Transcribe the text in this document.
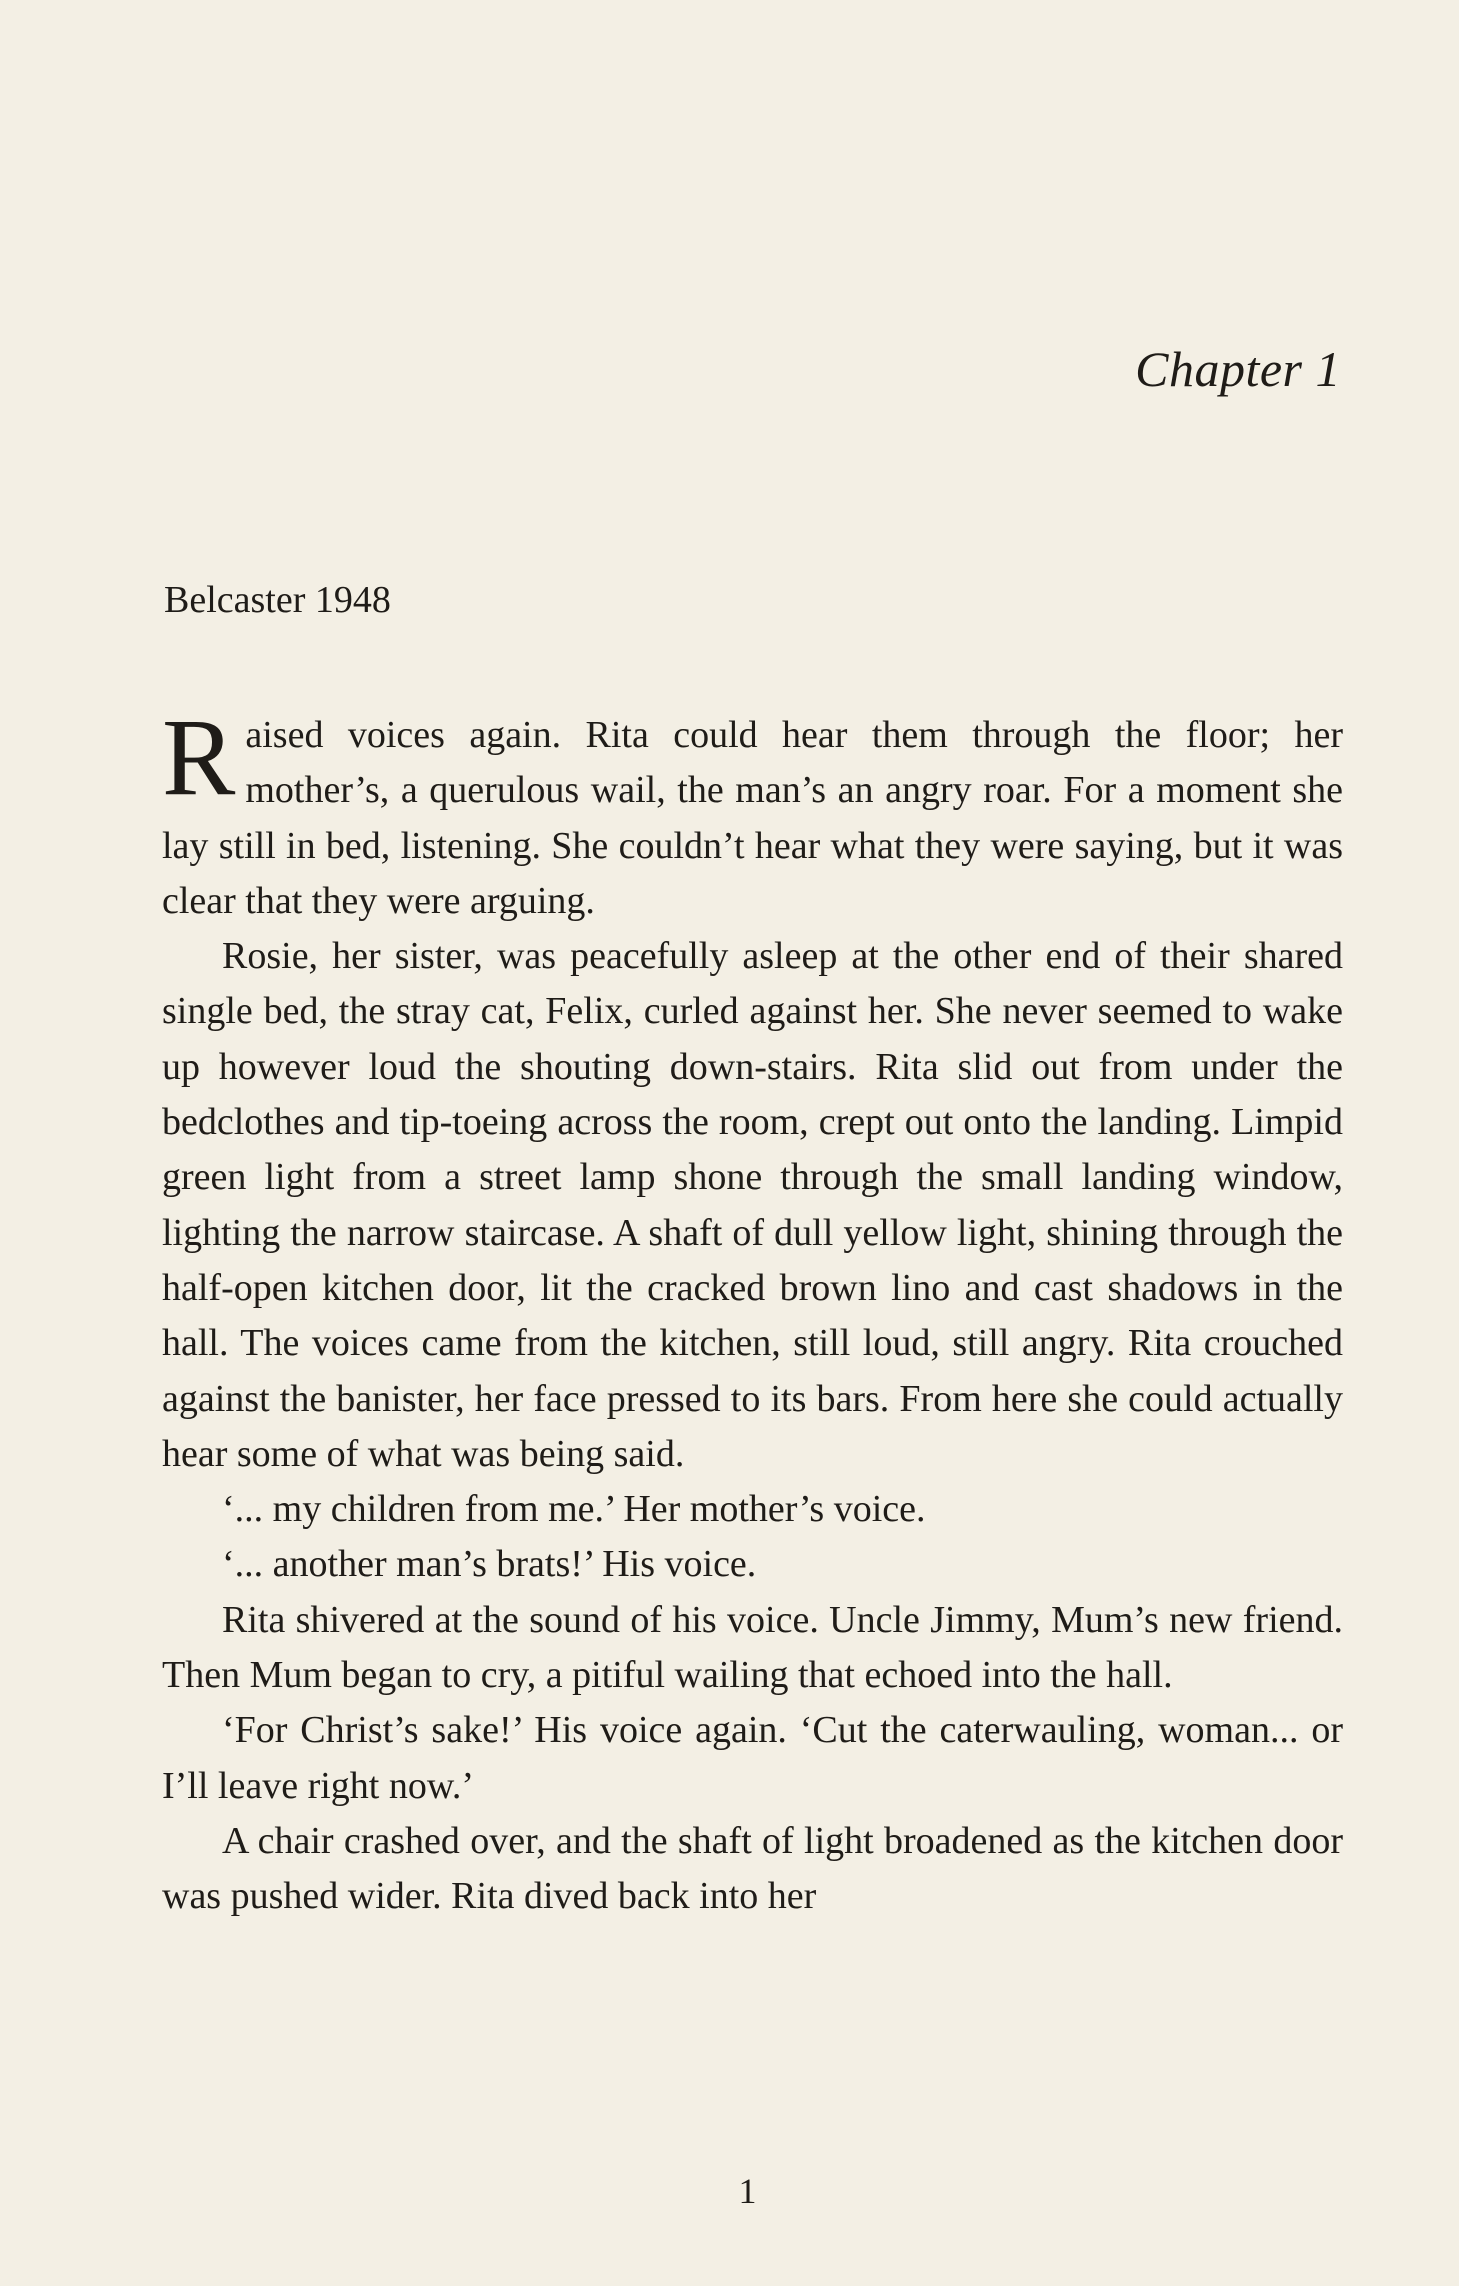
Chapter 1
Belcaster 1948

Raised voices again. Rita could hear them through the floor; her mother’s, a querulous wail, the man’s an angry roar. For a moment she lay still in bed, listening. She couldn’t hear what they were saying, but it was clear that they were arguing.

Rosie, her sister, was peacefully asleep at the other end of their shared single bed, the stray cat, Felix, curled against her. She never seemed to wake up however loud the shouting down-stairs. Rita slid out from under the bedclothes and tip-toeing across the room, crept out onto the landing. Limpid green light from a street lamp shone through the small landing window, lighting the narrow staircase. A shaft of dull yellow light, shining through the half-open kitchen door, lit the cracked brown lino and cast shadows in the hall. The voices came from the kitchen, still loud, still angry. Rita crouched against the banister, her face pressed to its bars. From here she could actually hear some of what was being said.

‘... my children from me.’ Her mother’s voice.

‘... another man’s brats!’ His voice.

Rita shivered at the sound of his voice. Uncle Jimmy, Mum’s new friend. Then Mum began to cry, a pitiful wailing that echoed into the hall.

‘For Christ’s sake!’ His voice again. ‘Cut the caterwauling, woman... or I’ll leave right now.’

A chair crashed over, and the shaft of light broadened as the kitchen door was pushed wider. Rita dived back into her

1
